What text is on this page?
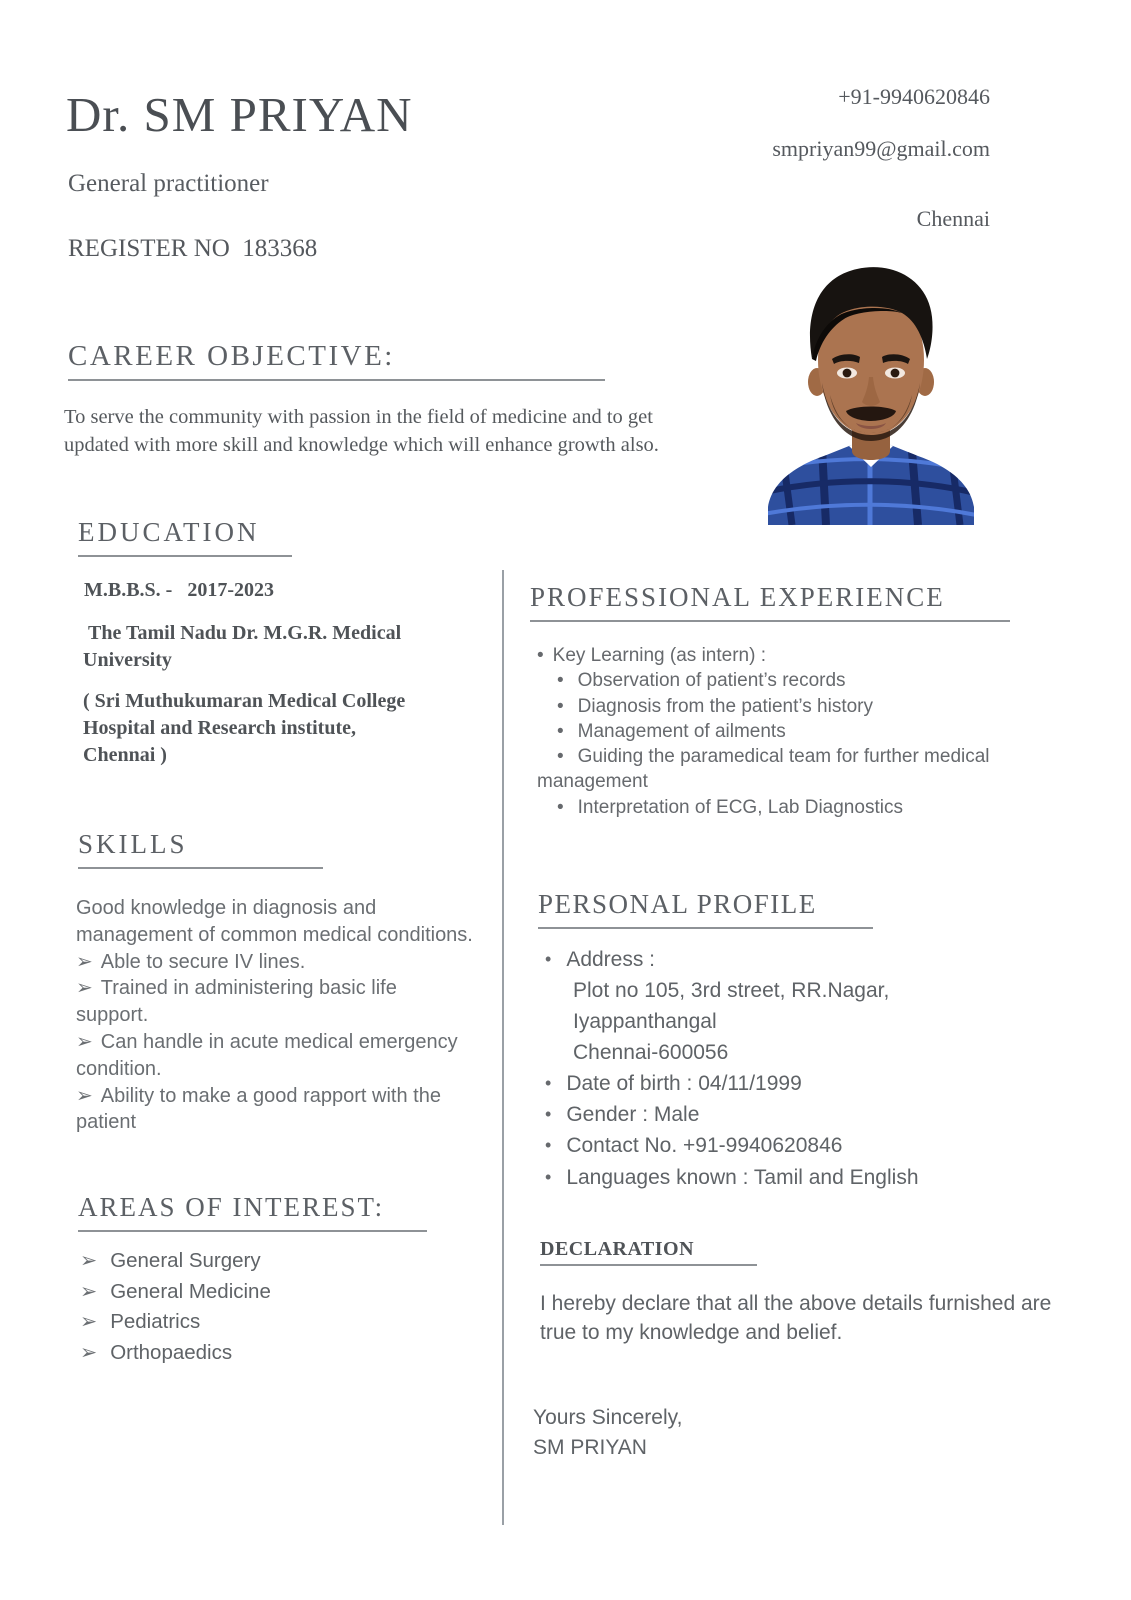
Dr. SM PRIYAN
General practitioner
REGISTER NO  183368
+91-9940620846
smpriyan99@gmail.com
Chennai
CAREER OBJECTIVE:
To serve the community with passion in the field of medicine and to get updated with more skill and knowledge which will enhance growth also.
EDUCATION
M.B.B.S. -   2017-2023
The Tamil Nadu Dr. M.G.R. Medical University
( Sri Muthukumaran Medical College Hospital and Research institute, Chennai )
SKILLS
Good knowledge in diagnosis and management of common medical conditions.
➢ Able to secure IV lines.
➢ Trained in administering basic life support.
➢ Can handle in acute medical emergency condition.
➢ Ability to make a good rapport with the patient
AREAS OF INTEREST:
➢ General Surgery
➢ General Medicine
➢ Pediatrics
➢ Orthopaedics
PROFESSIONAL EXPERIENCE
• Key Learning (as intern) :
• Observation of patient’s records
• Diagnosis from the patient’s history
• Management of ailments
• Guiding the paramedical team for further medical management
• Interpretation of ECG, Lab Diagnostics
PERSONAL PROFILE
• Address :
Plot no 105, 3rd street, RR.Nagar,
Iyappanthangal
Chennai-600056
• Date of birth : 04/11/1999
• Gender : Male
• Contact No. +91-9940620846
• Languages known : Tamil and English
DECLARATION
I hereby declare that all the above details furnished are true to my knowledge and belief.
Yours Sincerely,
SM PRIYAN
